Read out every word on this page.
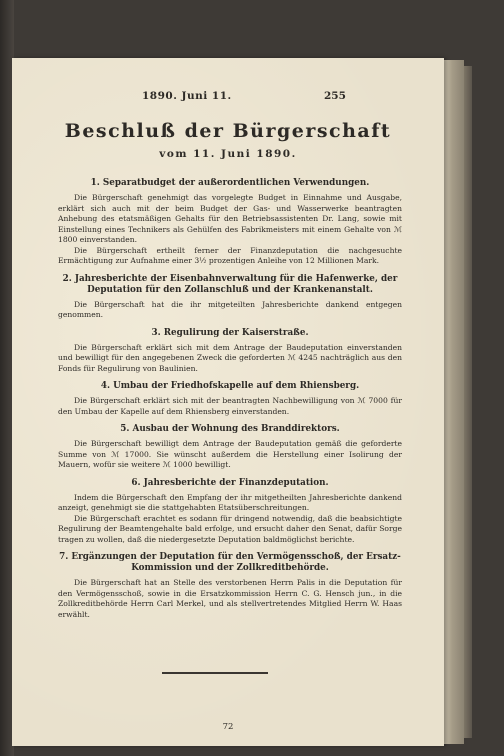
1890. Juni 11.	255
Beschluß der Bürgerschaft
vom 11. Juni 1890.
1. Separatbudget der außerordentlichen Verwendungen.

Die Bürgerschaft genehmigt das vorgelegte Budget in Einnahme und Ausgabe, erklärt sich auch mit der beim Budget der Gas- und Wasserwerke beantragten Anhebung des etatsmäßigen Gehalts für den Betriebsassistenten Dr. Lang, sowie mit Einstellung eines Technikers als Gehülfen des Fabrikmeisters mit einem Gehalte von ℳ 1800 einverstanden.

Die Bürgerschaft ertheilt ferner der Finanzdeputation die nachgesuchte Ermächtigung zur Aufnahme einer 3½ prozentigen Anleihe von 12 Millionen Mark.

2. Jahresberichte der Eisenbahnverwaltung für die Hafenwerke, der Deputation für den Zollanschluß und der Krankenanstalt.

Die Bürgerschaft hat die ihr mitgeteilten Jahresberichte dankend entgegen genommen.

3. Regulirung der Kaiserstraße.

Die Bürgerschaft erklärt sich mit dem Antrage der Baudeputation einverstanden und bewilligt für den angegebenen Zweck die geforderten ℳ 4245 nachträglich aus den Fonds für Regulirung von Baulinien.

4. Umbau der Friedhofskapelle auf dem Rhiensberg.

Die Bürgerschaft erklärt sich mit der beantragten Nachbewilligung von ℳ 7000 für den Umbau der Kapelle auf dem Rhiensberg einverstanden.

5. Ausbau der Wohnung des Branddirektors.

Die Bürgerschaft bewilligt dem Antrage der Baudeputation gemäß die geforderte Summe von ℳ 17000. Sie wünscht außerdem die Herstellung einer Isolirung der Mauern, wofür sie weitere ℳ 1000 bewilligt.

6. Jahresberichte der Finanzdeputation.

Indem die Bürgerschaft den Empfang der ihr mitgetheilten Jahresberichte dankend anzeigt, genehmigt sie die stattgehabten Etatsüberschreitungen.

Die Bürgerschaft erachtet es sodann für dringend notwendig, daß die beabsichtigte Regulirung der Beamtengehalte bald erfolge, und ersucht daher den Senat, dafür Sorge tragen zu wollen, daß die niedergesetzte Deputation baldmöglichst berichte.

7. Ergänzungen der Deputation für den Vermögensschoß, der Ersatz-Kommission und der Zollkreditbehörde.

Die Bürgerschaft hat an Stelle des verstorbenen Herrn Palis in die Deputation für den Vermögensschoß, sowie in die Ersatzkommission Herrn C. G. Hensch jun., in die Zollkreditbehörde Herrn Carl Merkel, und als stellvertretendes Mitglied Herrn W. Haas erwählt.

72
